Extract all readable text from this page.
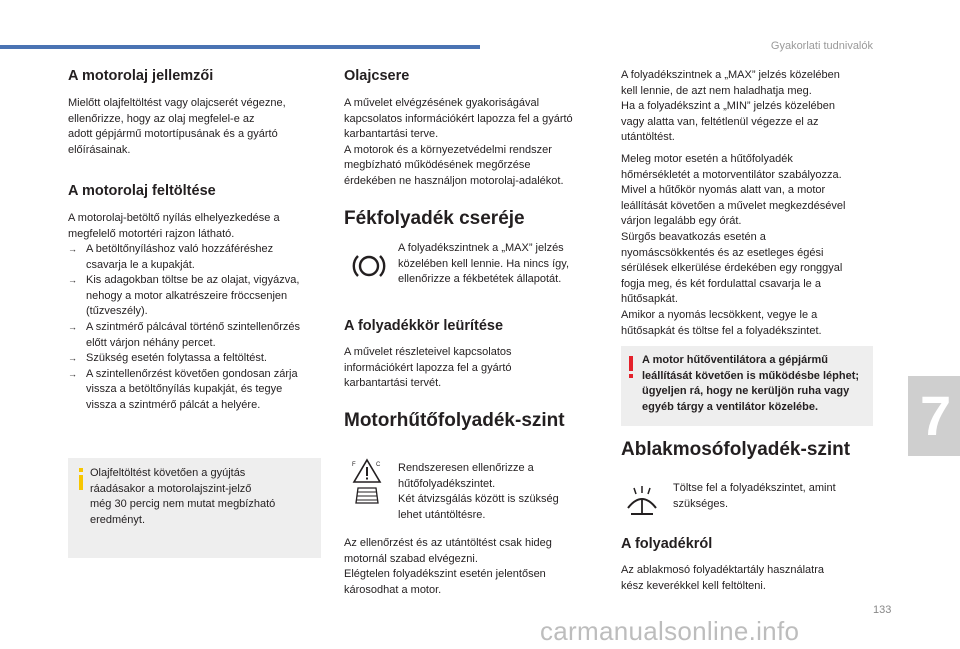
Gyakorlati tudnivalók
A motorolaj jellemzői
Mielőtt olajfeltöltést vagy olajcserét végezne,
ellenőrizze, hogy az olaj megfelel-e az
adott gépjármű motortípusának és a gyártó
előírásainak.
A motorolaj feltöltése
A motorolaj-betöltő nyílás elhelyezkedése a
megfelelő motortéri rajzon látható.
→ A betöltőnyíláshoz való hozzáféréshez
csavarja le a kupakját.
→ Kis adagokban töltse be az olajat, vigyázva,
nehogy a motor alkatrészeire fröccsenjen
(tűzveszély).
→ A szintmérő pálcával történő szintellenőrzés
előtt várjon néhány percet.
→ Szükség esetén folytassa a feltöltést.
→ A szintellenőrzést követően gondosan zárja
vissza a betöltőnyílás kupakját, és tegye
vissza a szintmérő pálcát a helyére.
Olajfeltöltést követően a gyújtás
ráadásakor a motorolajszint-jelző
még 30 percig nem mutat megbízható
eredményt.
Olajcsere
A művelet elvégzésének gyakoriságával
kapcsolatos információkért lapozza fel a gyártó
karbantartási terve.
A motorok és a környezetvédelmi rendszer
megbízható működésének megőrzése
érdekében ne használjon motorolaj-adalékot.
Fékfolyadék cseréje
A folyadékszintnek a „MAX” jelzés
közelében kell lennie. Ha nincs így,
ellenőrizze a fékbetétek állapotát.
A folyadékkör leürítése
A művelet részleteivel kapcsolatos
információkért lapozza fel a gyártó
karbantartási tervét.
Motorhűtőfolyadék-szint
F	C Rendszeresen ellenőrizze a
hűtőfolyadékszintet.
Két átvizsgálás között is szükség
lehet utántöltésre.
Az ellenőrzést és az utántöltést csak hideg
motornál szabad elvégezni.
Elégtelen folyadékszint esetén jelentősen
károsodhat a motor.
A folyadékszintnek a „MAX” jelzés közelében
kell lennie, de azt nem haladhatja meg.
Ha a folyadékszint a „MIN” jelzés közelében
vagy alatta van, feltétlenül végezze el az
utántöltést.
Meleg motor esetén a hűtőfolyadék
hőmérsékletét a motorventilátor szabályozza.
Mivel a hűtőkör nyomás alatt van, a motor
leállítását követően a művelet megkezdésével
várjon legalább egy órát.
Sürgős beavatkozás esetén a
nyomáscsökkentés és az esetleges égési
sérülések elkerülése érdekében egy ronggyal
fogja meg, és két fordulattal csavarja le a
hűtősapkát.
Amikor a nyomás lecsökkent, vegye le a
hűtősapkát és töltse fel a folyadékszintet.
A motor hűtőventilátora a gépjármű
leállítását követően is működésbe léphet;
ügyeljen rá, hogy ne kerüljön ruha vagy
egyéb tárgy a ventilátor közelébe.
Ablakmosófolyadék-szint
Töltse fel a folyadékszintet, amint
szükséges.
A folyadékról
Az ablakmosó folyadéktartály használatra
kész keverékkel kell feltölteni.
7
133
carmanualsonline.info
